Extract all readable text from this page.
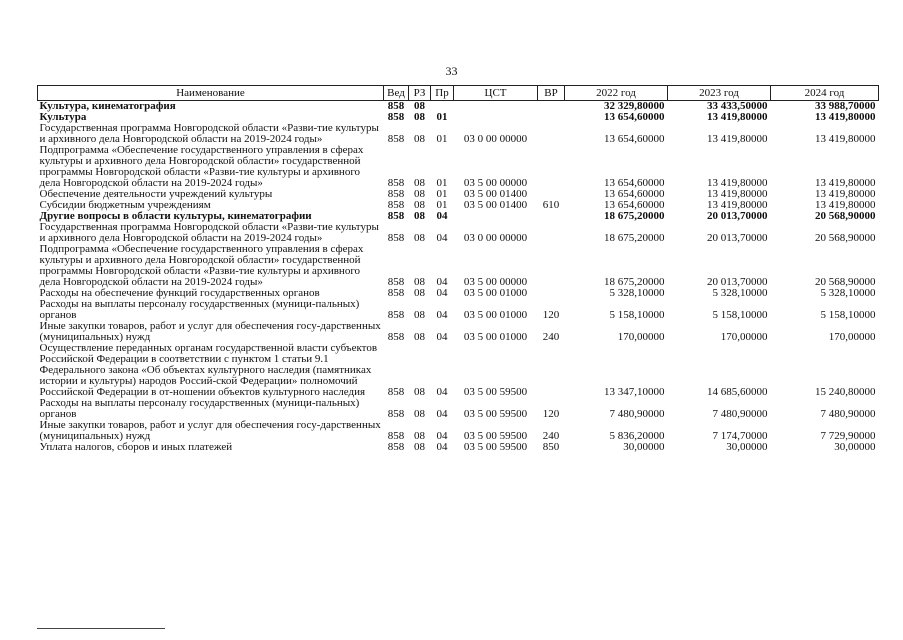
33
Наименование	Вед	РЗ	Пр	ЦСТ	ВР	2022 год	2023 год	2024 год
Культура, кинематография	858	08				32 329,80000	33 433,50000	33 988,70000
Культура	858	08	01			13 654,60000	13 419,80000	13 419,80000
Государственная программа Новгородской области «Разви-тие культуры и архивного дела Новгородской области на 2019-2024 годы»	858	08	01	03 0 00 00000		13 654,60000	13 419,80000	13 419,80000
Подпрограмма «Обеспечение государственного управления в сферах культуры и архивного дела Новгородской области» государственной программы Новгородской области «Разви-тие культуры и архивного дела Новгородской области на 2019-2024 годы»	858	08	01	03 5 00 00000		13 654,60000	13 419,80000	13 419,80000
Обеспечение деятельности учреждений культуры	858	08	01	03 5 00 01400		13 654,60000	13 419,80000	13 419,80000
Субсидии бюджетным учреждениям	858	08	01	03 5 00 01400	610	13 654,60000	13 419,80000	13 419,80000
Другие вопросы в области культуры, кинематографии	858	08	04			18 675,20000	20 013,70000	20 568,90000
Государственная программа Новгородской области «Разви-тие культуры и архивного дела Новгородской области на 2019-2024 годы»	858	08	04	03 0 00 00000		18 675,20000	20 013,70000	20 568,90000
Подпрограмма «Обеспечение государственного управления в сферах культуры и архивного дела Новгородской области» государственной программы Новгородской области «Разви-тие культуры и архивного дела Новгородской области на 2019-2024 годы»	858	08	04	03 5 00 00000		18 675,20000	20 013,70000	20 568,90000
Расходы на обеспечение функций государственных органов	858	08	04	03 5 00 01000		5 328,10000	5 328,10000	5 328,10000
Расходы на выплаты персоналу государственных (муници-пальных) органов	858	08	04	03 5 00 01000	120	5 158,10000	5 158,10000	5 158,10000
Иные закупки товаров, работ и услуг для обеспечения госу-дарственных (муниципальных) нужд	858	08	04	03 5 00 01000	240	170,00000	170,00000	170,00000
Осуществление переданных органам государственной власти субъектов Российской Федерации в соответствии с пунктом 1 статьи 9.1 Федерального закона «Об объектах культурного наследия (памятниках истории и культуры) народов Россий-ской Федерации» полномочий Российской Федерации в от-ношении объектов культурного наследия	858	08	04	03 5 00 59500		13 347,10000	14 685,60000	15 240,80000
Расходы на выплаты персоналу государственных (муници-пальных) органов	858	08	04	03 5 00 59500	120	7 480,90000	7 480,90000	7 480,90000
Иные закупки товаров, работ и услуг для обеспечения госу-дарственных (муниципальных) нужд	858	08	04	03 5 00 59500	240	5 836,20000	7 174,70000	7 729,90000
Уплата налогов, сборов и иных платежей	858	08	04	03 5 00 59500	850	30,00000	30,00000	30,00000
